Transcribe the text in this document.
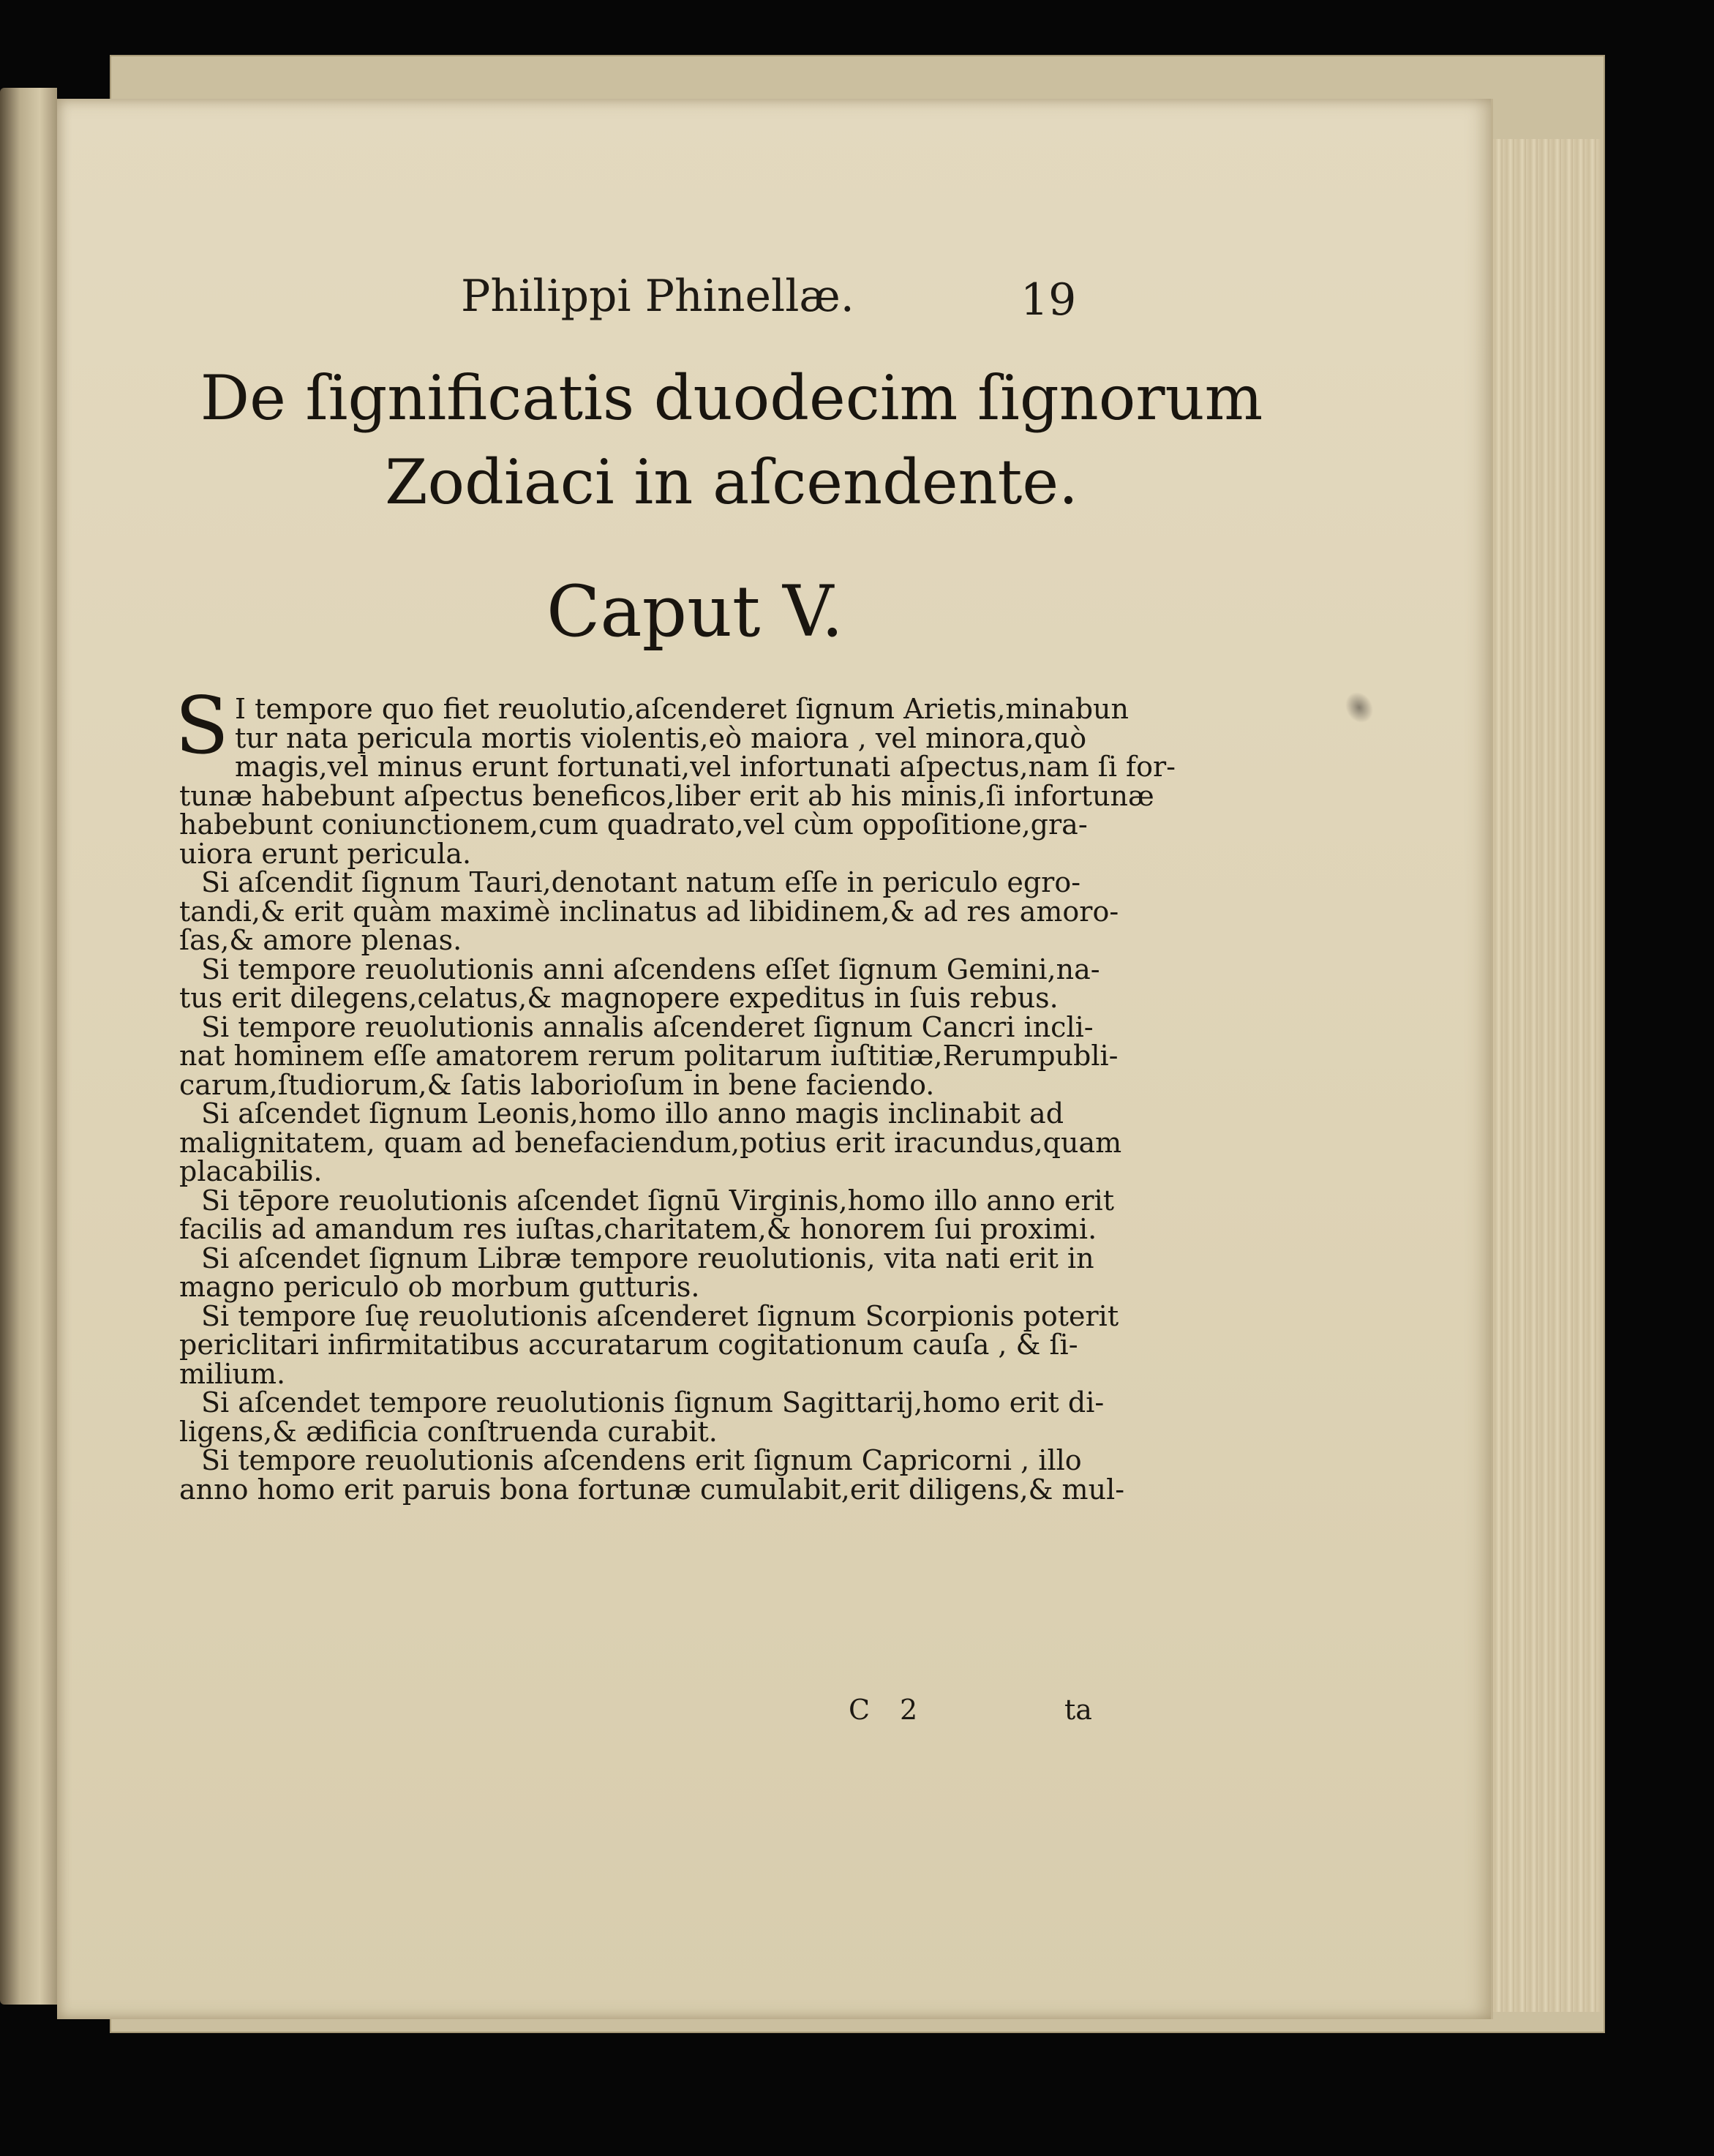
Philippi Phinellæ.	19
De ſignificatis duodecim ſignorum
Zodiaci in aſcendente.
Caput V.
S I tempore quo fiet reuolutio,aſcenderet ſignum Arietis,minabun
tur nata pericula mortis violentis,eò maiora , vel minora,quò
magis,vel minus erunt fortunati,vel infortunati aſpectus,nam ſi for-
tunæ habebunt aſpectus beneficos,liber erit ab his minis,ſi infortunæ
habebunt coniunctionem,cum quadrato,vel cùm oppoſitione,gra-
uiora erunt pericula.
Si aſcendit ſignum Tauri,denotant natum eſſe in periculo egro-
tandi,& erit quàm maximè inclinatus ad libidinem,& ad res amoro-
ſas,& amore plenas.
Si tempore reuolutionis anni aſcendens eſſet ſignum Gemini,na-
tus erit dilegens,celatus,& magnopere expeditus in ſuis rebus.
Si tempore reuolutionis annalis aſcenderet ſignum Cancri incli-
nat hominem eſſe amatorem rerum politarum iuſtitiæ,Rerumpubli-
carum,ſtudiorum,& ſatis laborioſum in bene faciendo.
Si aſcendet ſignum Leonis,homo illo anno magis inclinabit ad
malignitatem, quam ad benefaciendum,potius erit iracundus,quam
placabilis.
Si tēpore reuolutionis aſcendet ſignū Virginis,homo illo anno erit
facilis ad amandum res iuſtas,charitatem,& honorem ſui proximi.
Si aſcendet ſignum Libræ tempore reuolutionis, vita nati erit in
magno periculo ob morbum gutturis.
Si tempore ſuę reuolutionis aſcenderet ſignum Scorpionis poterit
periclitari infirmitatibus accuratarum cogitationum cauſa , & ſi-
milium.
Si aſcendet tempore reuolutionis ſignum Sagittarij,homo erit di-
ligens,& ædificia conſtruenda curabit.
Si tempore reuolutionis aſcendens erit ſignum Capricorni , illo
anno homo erit paruis bona fortunæ cumulabit,erit diligens,& mul-
C 2	ta
